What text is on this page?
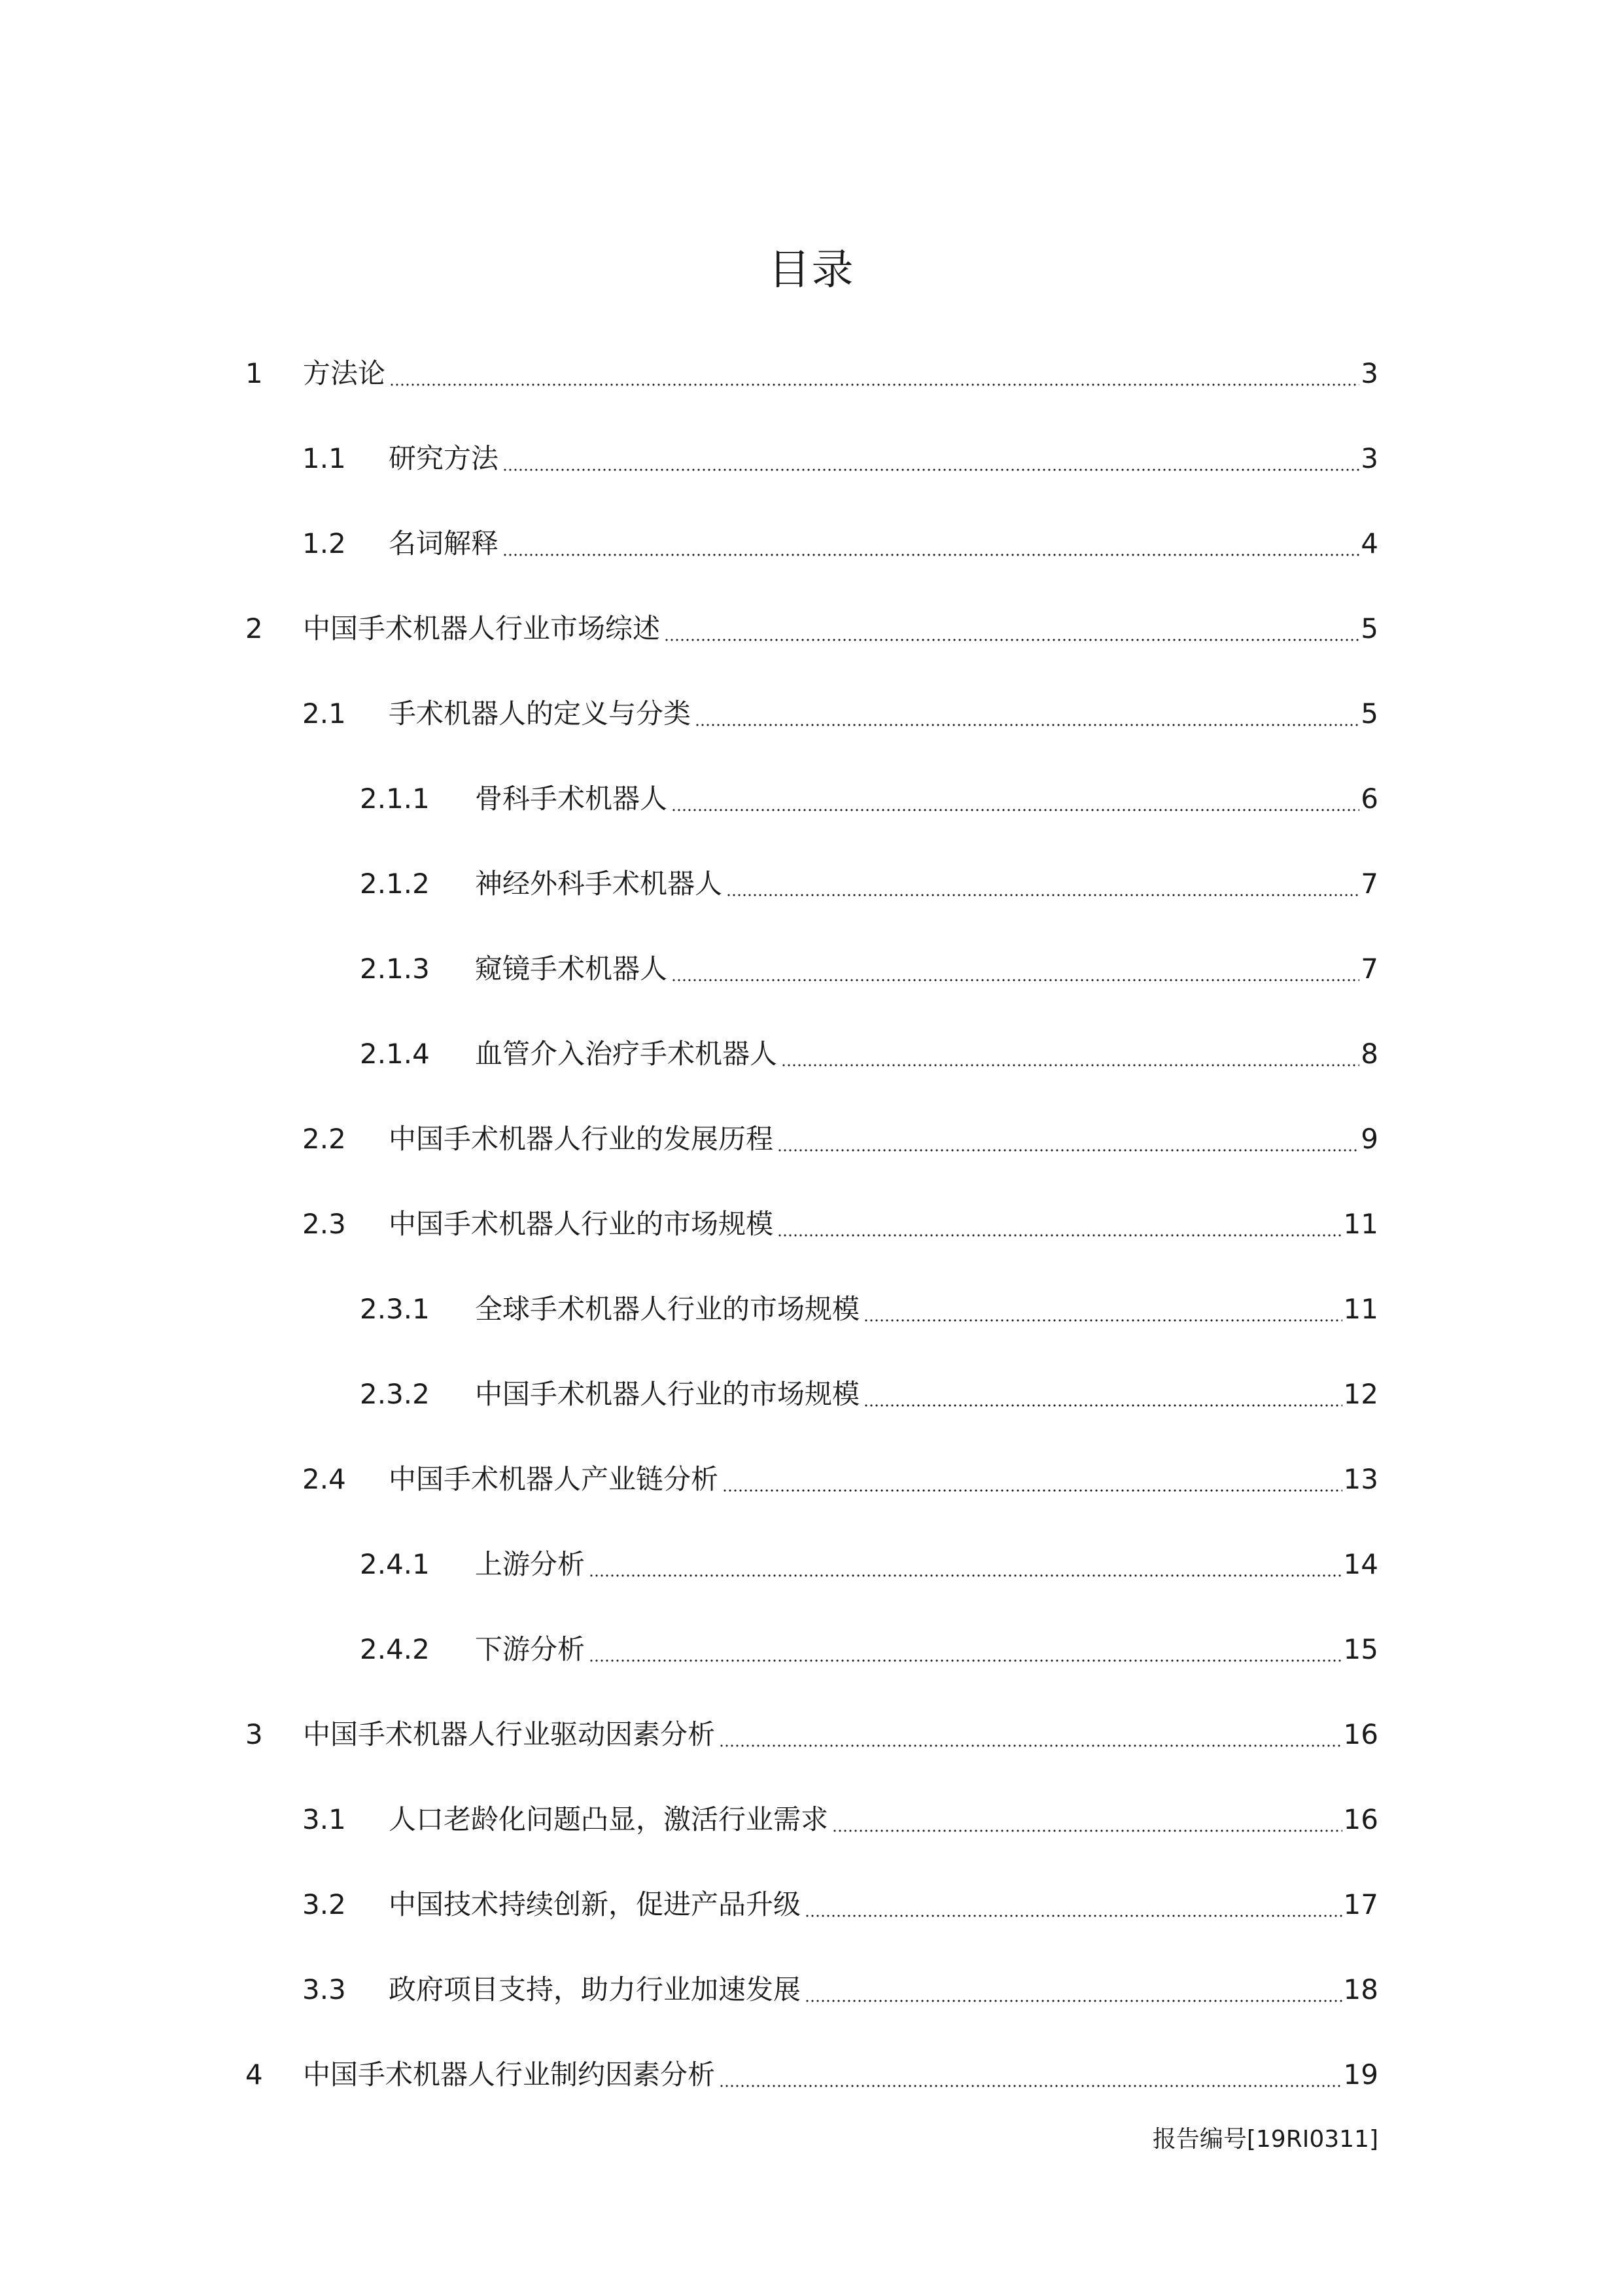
目录
1	方法论	3
1.1	研究方法	3
1.2	名词解释	4
2	中国手术机器人行业市场综述	5
2.1	手术机器人的定义与分类	5
2.1.1	骨科手术机器人	6
2.1.2	神经外科手术机器人	7
2.1.3	窥镜手术机器人	7
2.1.4	血管介入治疗手术机器人	8
2.2	中国手术机器人行业的发展历程	9
2.3	中国手术机器人行业的市场规模	11
2.3.1	全球手术机器人行业的市场规模	11
2.3.2	中国手术机器人行业的市场规模	12
2.4	中国手术机器人产业链分析	13
2.4.1	上游分析	14
2.4.2	下游分析	15
3	中国手术机器人行业驱动因素分析	16
3.1	人口老龄化问题凸显，激活行业需求	16
3.2	中国技术持续创新，促进产品升级	17
3.3	政府项目支持，助力行业加速发展	18
4	中国手术机器人行业制约因素分析	19
报告编号[19RI0311]
